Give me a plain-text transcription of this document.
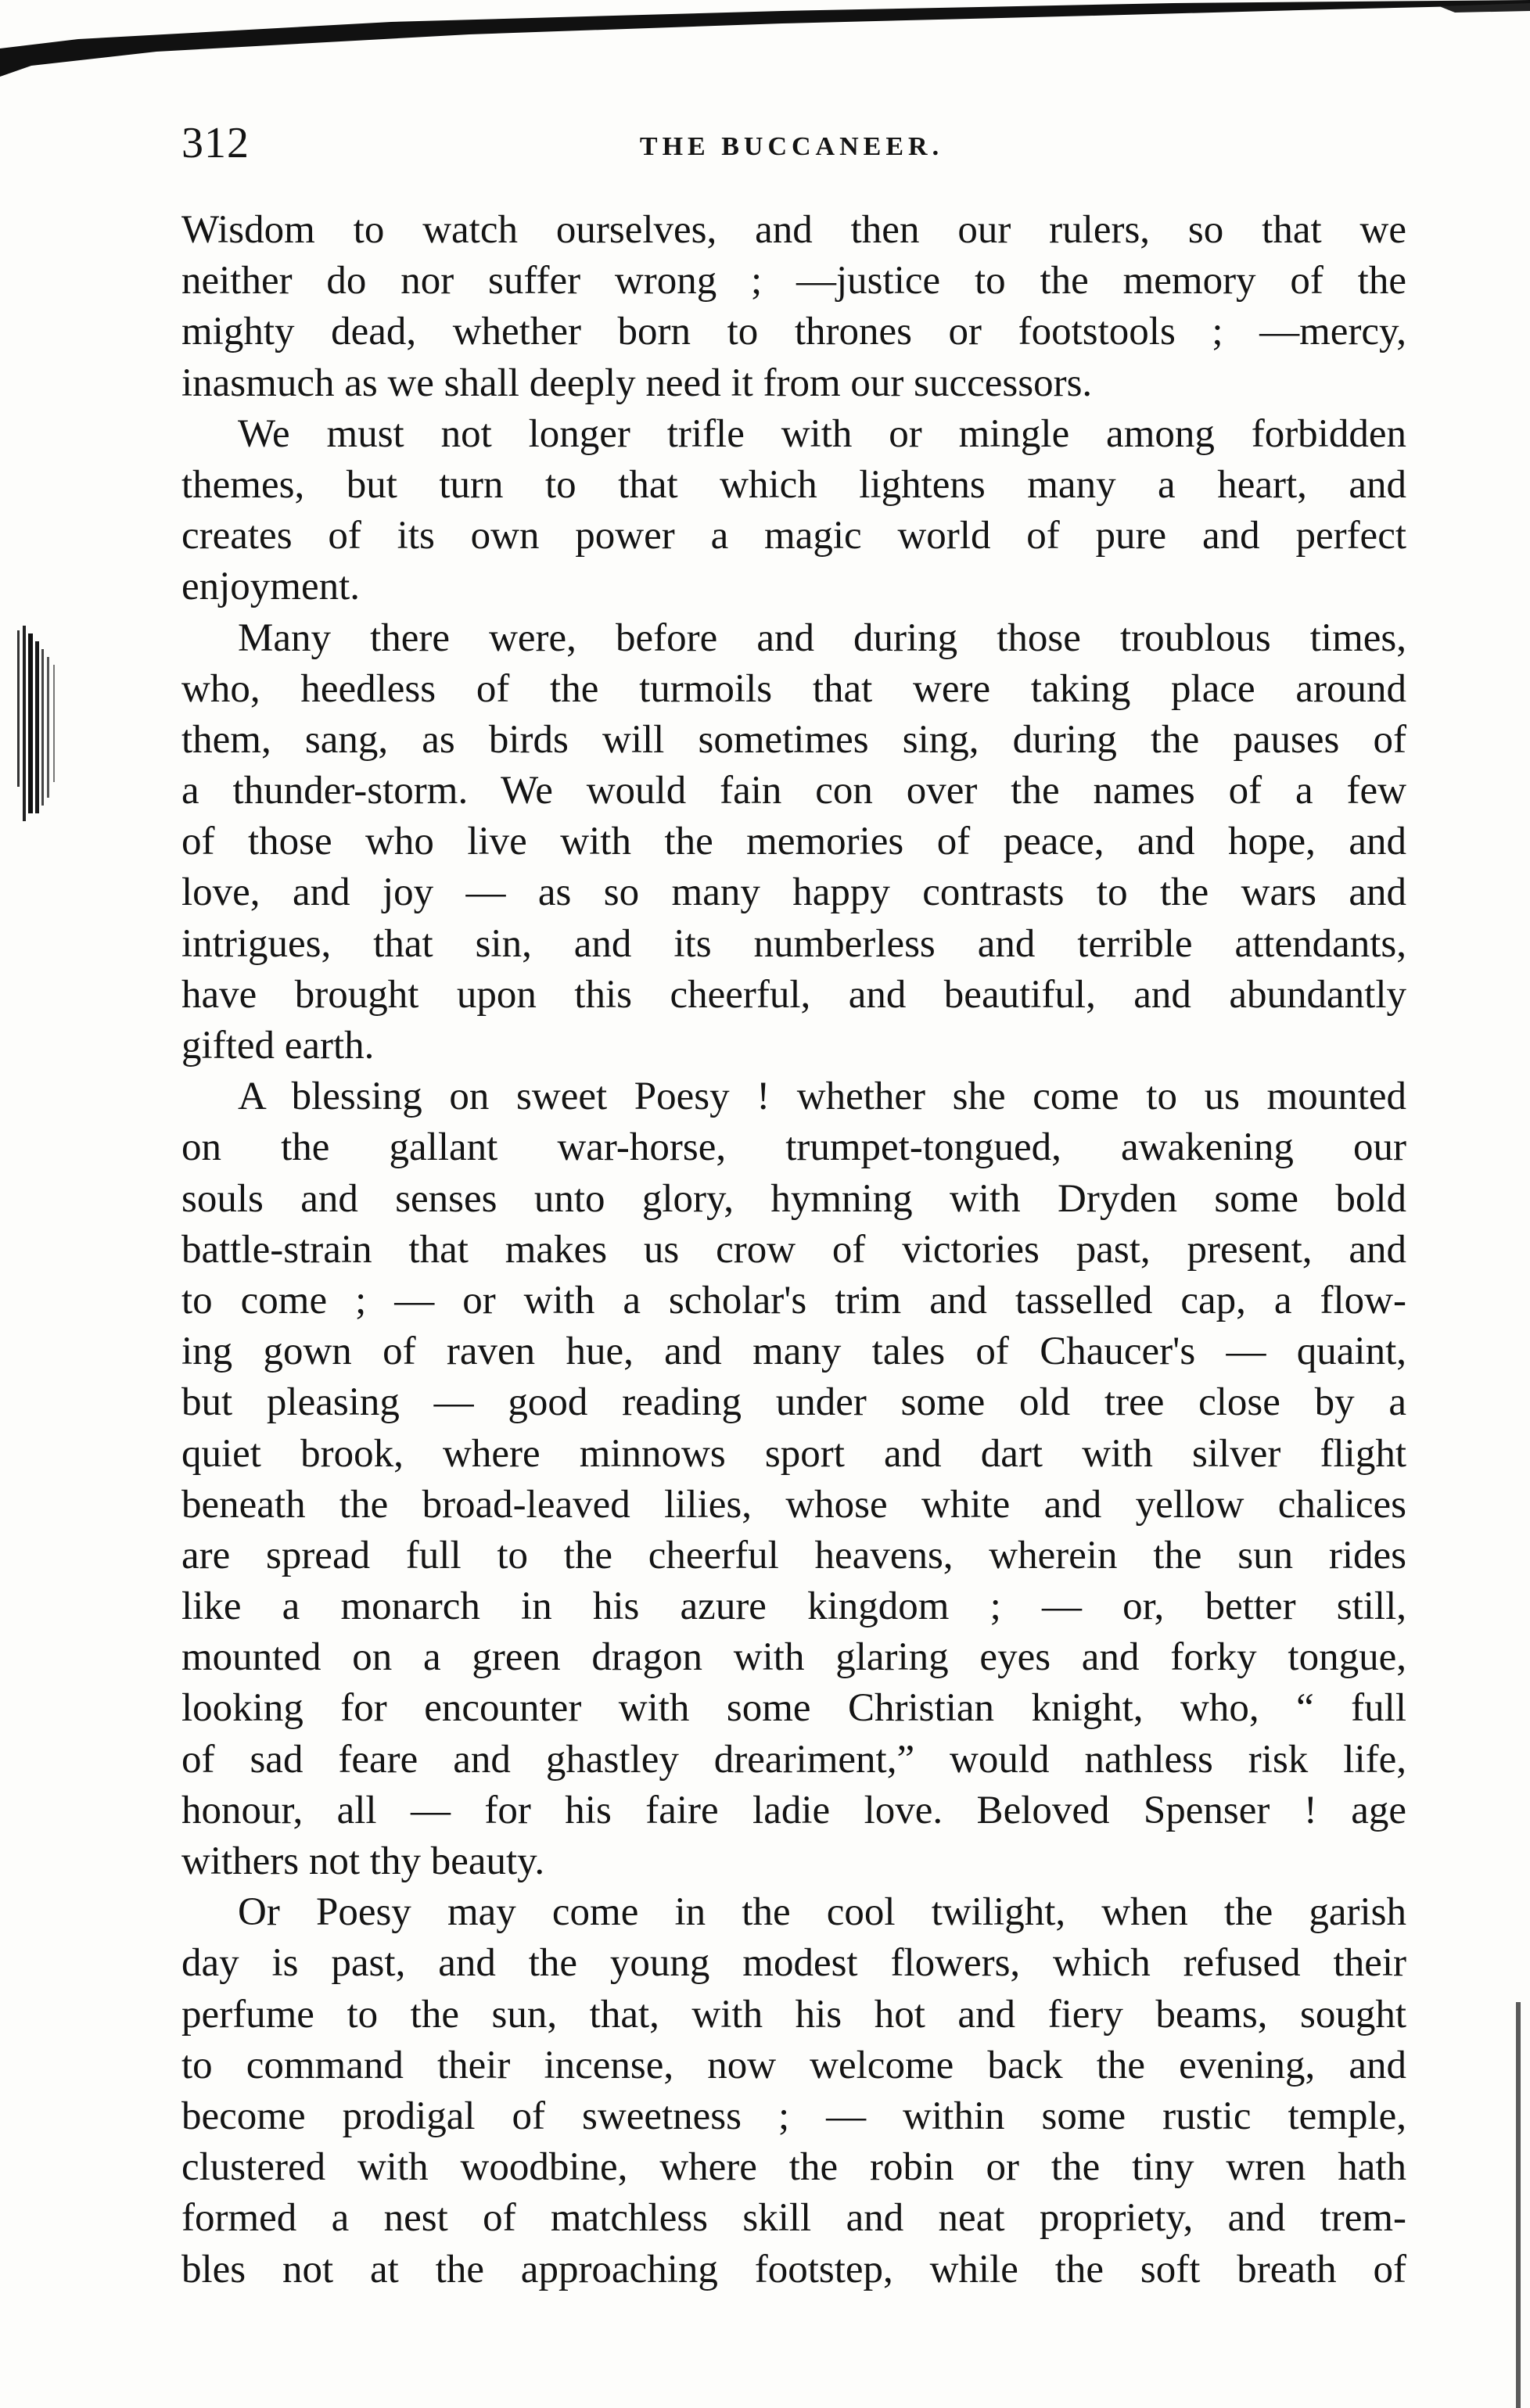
312	THE BUCCANEER.
Wisdom to watch ourselves, and then our rulers, so that we
neither do nor suffer wrong ; —justice to the memory of the
mighty dead, whether born to thrones or footstools ; —mercy,
inasmuch as we shall deeply need it from our successors.
We must not longer trifle with or mingle among forbidden
themes, but turn to that which lightens many a heart, and
creates of its own power a magic world of pure and perfect
enjoyment.
Many there were, before and during those troublous times,
who, heedless of the turmoils that were taking place around
them, sang, as birds will sometimes sing, during the pauses of
a thunder-storm. We would fain con over the names of a few
of those who live with the memories of peace, and hope, and
love, and joy — as so many happy contrasts to the wars and
intrigues, that sin, and its numberless and terrible attendants,
have brought upon this cheerful, and beautiful, and abundantly
gifted earth.
A blessing on sweet Poesy ! whether she come to us mounted
on the gallant war-horse, trumpet-tongued, awakening our
souls and senses unto glory, hymning with Dryden some bold
battle-strain that makes us crow of victories past, present, and
to come ; — or with a scholar's trim and tasselled cap, a flow-
ing gown of raven hue, and many tales of Chaucer's — quaint,
but pleasing — good reading under some old tree close by a
quiet brook, where minnows sport and dart with silver flight
beneath the broad-leaved lilies, whose white and yellow chalices
are spread full to the cheerful heavens, wherein the sun rides
like a monarch in his azure kingdom ; — or, better still,
mounted on a green dragon with glaring eyes and forky tongue,
looking for encounter with some Christian knight, who, “ full
of sad feare and ghastley dreariment,” would nathless risk life,
honour, all — for his faire ladie love. Beloved Spenser ! age
withers not thy beauty.
Or Poesy may come in the cool twilight, when the garish
day is past, and the young modest flowers, which refused their
perfume to the sun, that, with his hot and fiery beams, sought
to command their incense, now welcome back the evening, and
become prodigal of sweetness ; — within some rustic temple,
clustered with woodbine, where the robin or the tiny wren hath
formed a nest of matchless skill and neat propriety, and trem-
bles not at the approaching footstep, while the soft breath of
